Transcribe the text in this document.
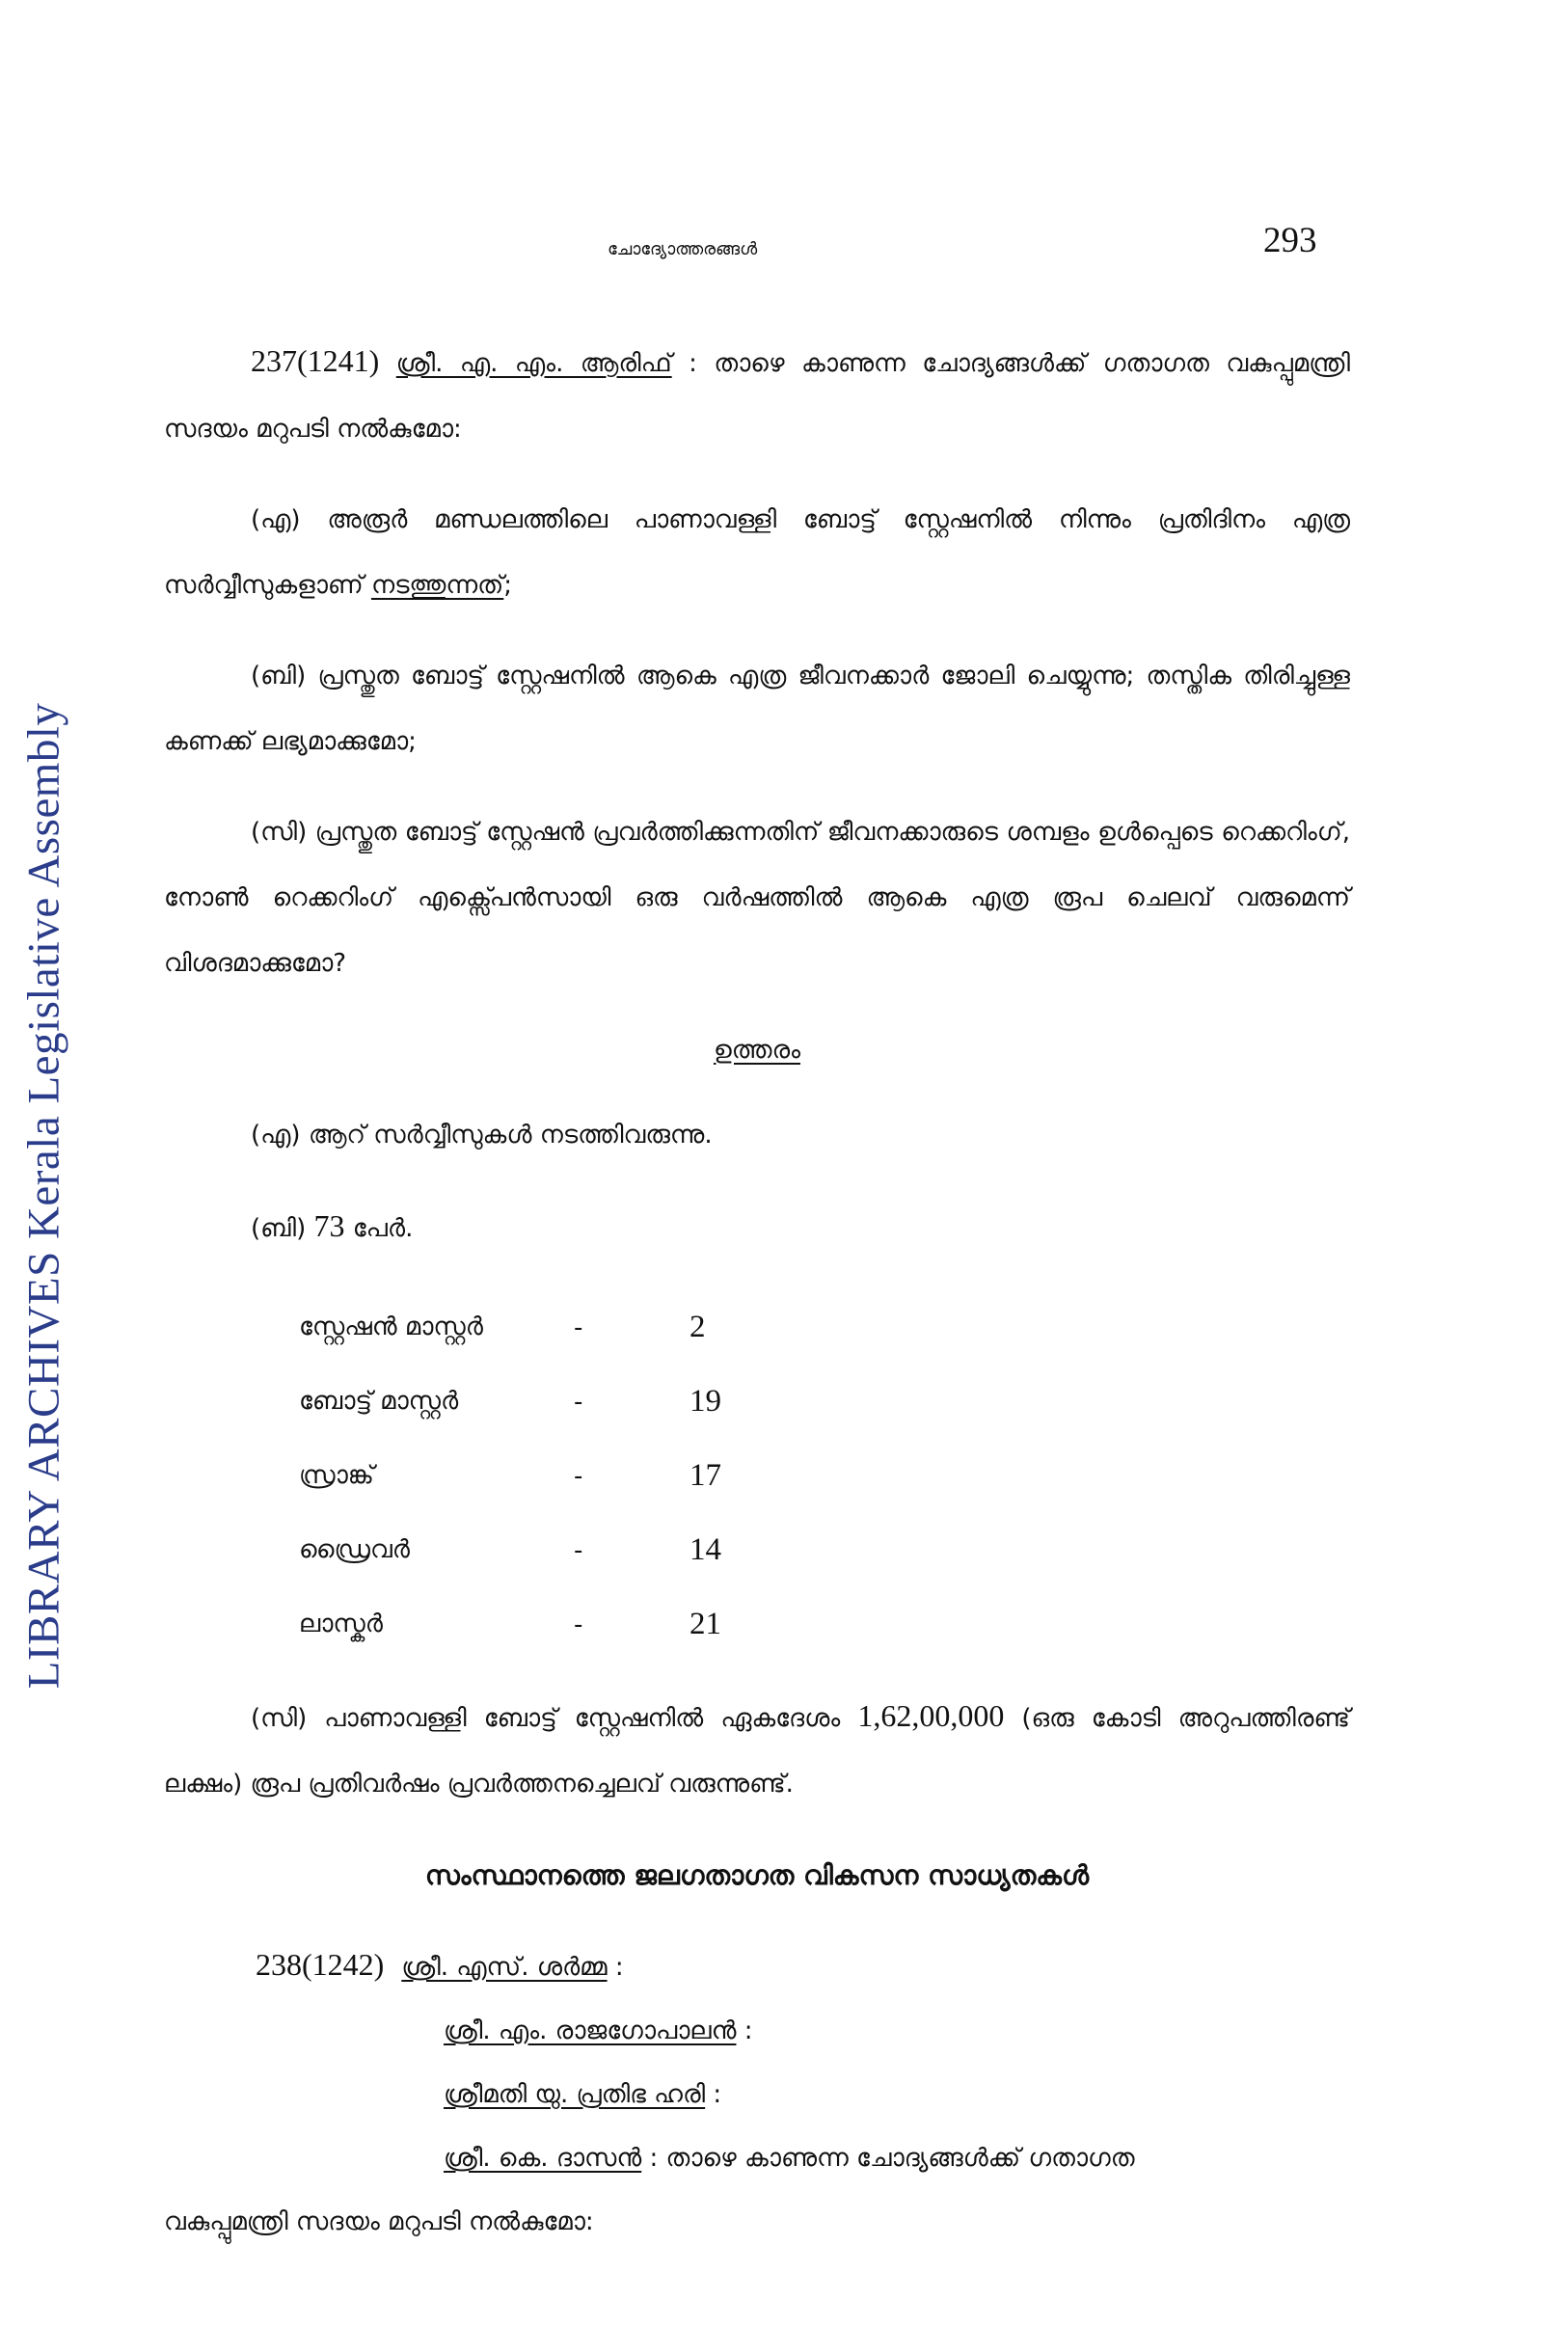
LIBRARY ARCHIVES Kerala Legislative Assembly
ചോദ്യോത്തരങ്ങൾ	293

237(1241) ശ്രീ. എ. എം. ആരിഫ് : താഴെ കാണുന്ന ചോദ്യങ്ങൾക്ക് ഗതാഗത വകുപ്പുമന്ത്രി സദയം മറുപടി നൽകുമോ:

(എ) അരൂർ മണ്ഡലത്തിലെ പാണാവള്ളി ബോട്ട് സ്റ്റേഷനിൽ നിന്നും പ്രതിദിനം എത്ര സർവ്വീസുകളാണ് നടത്തുന്നത്;

(ബി) പ്രസ്തുത ബോട്ട് സ്റ്റേഷനിൽ ആകെ എത്ര ജീവനക്കാർ ജോലി ചെയ്യുന്നു; തസ്തിക തിരിച്ചുള്ള കണക്ക് ലഭ്യമാക്കുമോ;

(സി) പ്രസ്തുത ബോട്ട് സ്റ്റേഷൻ പ്രവർത്തിക്കുന്നതിന് ജീവനക്കാരുടെ ശമ്പളം ഉൾപ്പെടെ റെക്കറിംഗ്, നോൺ റെക്കറിംഗ് എക്സ്പെൻസായി ഒരു വർഷത്തിൽ ആകെ എത്ര രൂപ ചെലവ് വരുമെന്ന് വിശദമാക്കുമോ?

ഉത്തരം

(എ) ആറ് സർവ്വീസുകൾ നടത്തിവരുന്നു.

(ബി) 73 പേർ.

സ്റ്റേഷൻ മാസ്റ്റർ	-	2
ബോട്ട് മാസ്റ്റർ	-	19
സ്രാങ്ക്	-	17
ഡ്രൈവർ	-	14
ലാസ്കർ	-	21

(സി) പാണാവള്ളി ബോട്ട് സ്റ്റേഷനിൽ ഏകദേശം 1,62,00,000 (ഒരു കോടി അറുപത്തിരണ്ട് ലക്ഷം) രൂപ പ്രതിവർഷം പ്രവർത്തനച്ചെലവ് വരുന്നുണ്ട്.

സംസ്ഥാനത്തെ ജലഗതാഗത വികസന സാധ്യതകൾ
238(1242) ശ്രീ. എസ്. ശർമ്മ :
ശ്രീ. എം. രാജഗോപാലൻ :
ശ്രീമതി യു. പ്രതിഭ ഹരി :
ശ്രീ. കെ. ദാസൻ : താഴെ കാണുന്ന ചോദ്യങ്ങൾക്ക് ഗതാഗത
വകുപ്പുമന്ത്രി സദയം മറുപടി നൽകുമോ:
